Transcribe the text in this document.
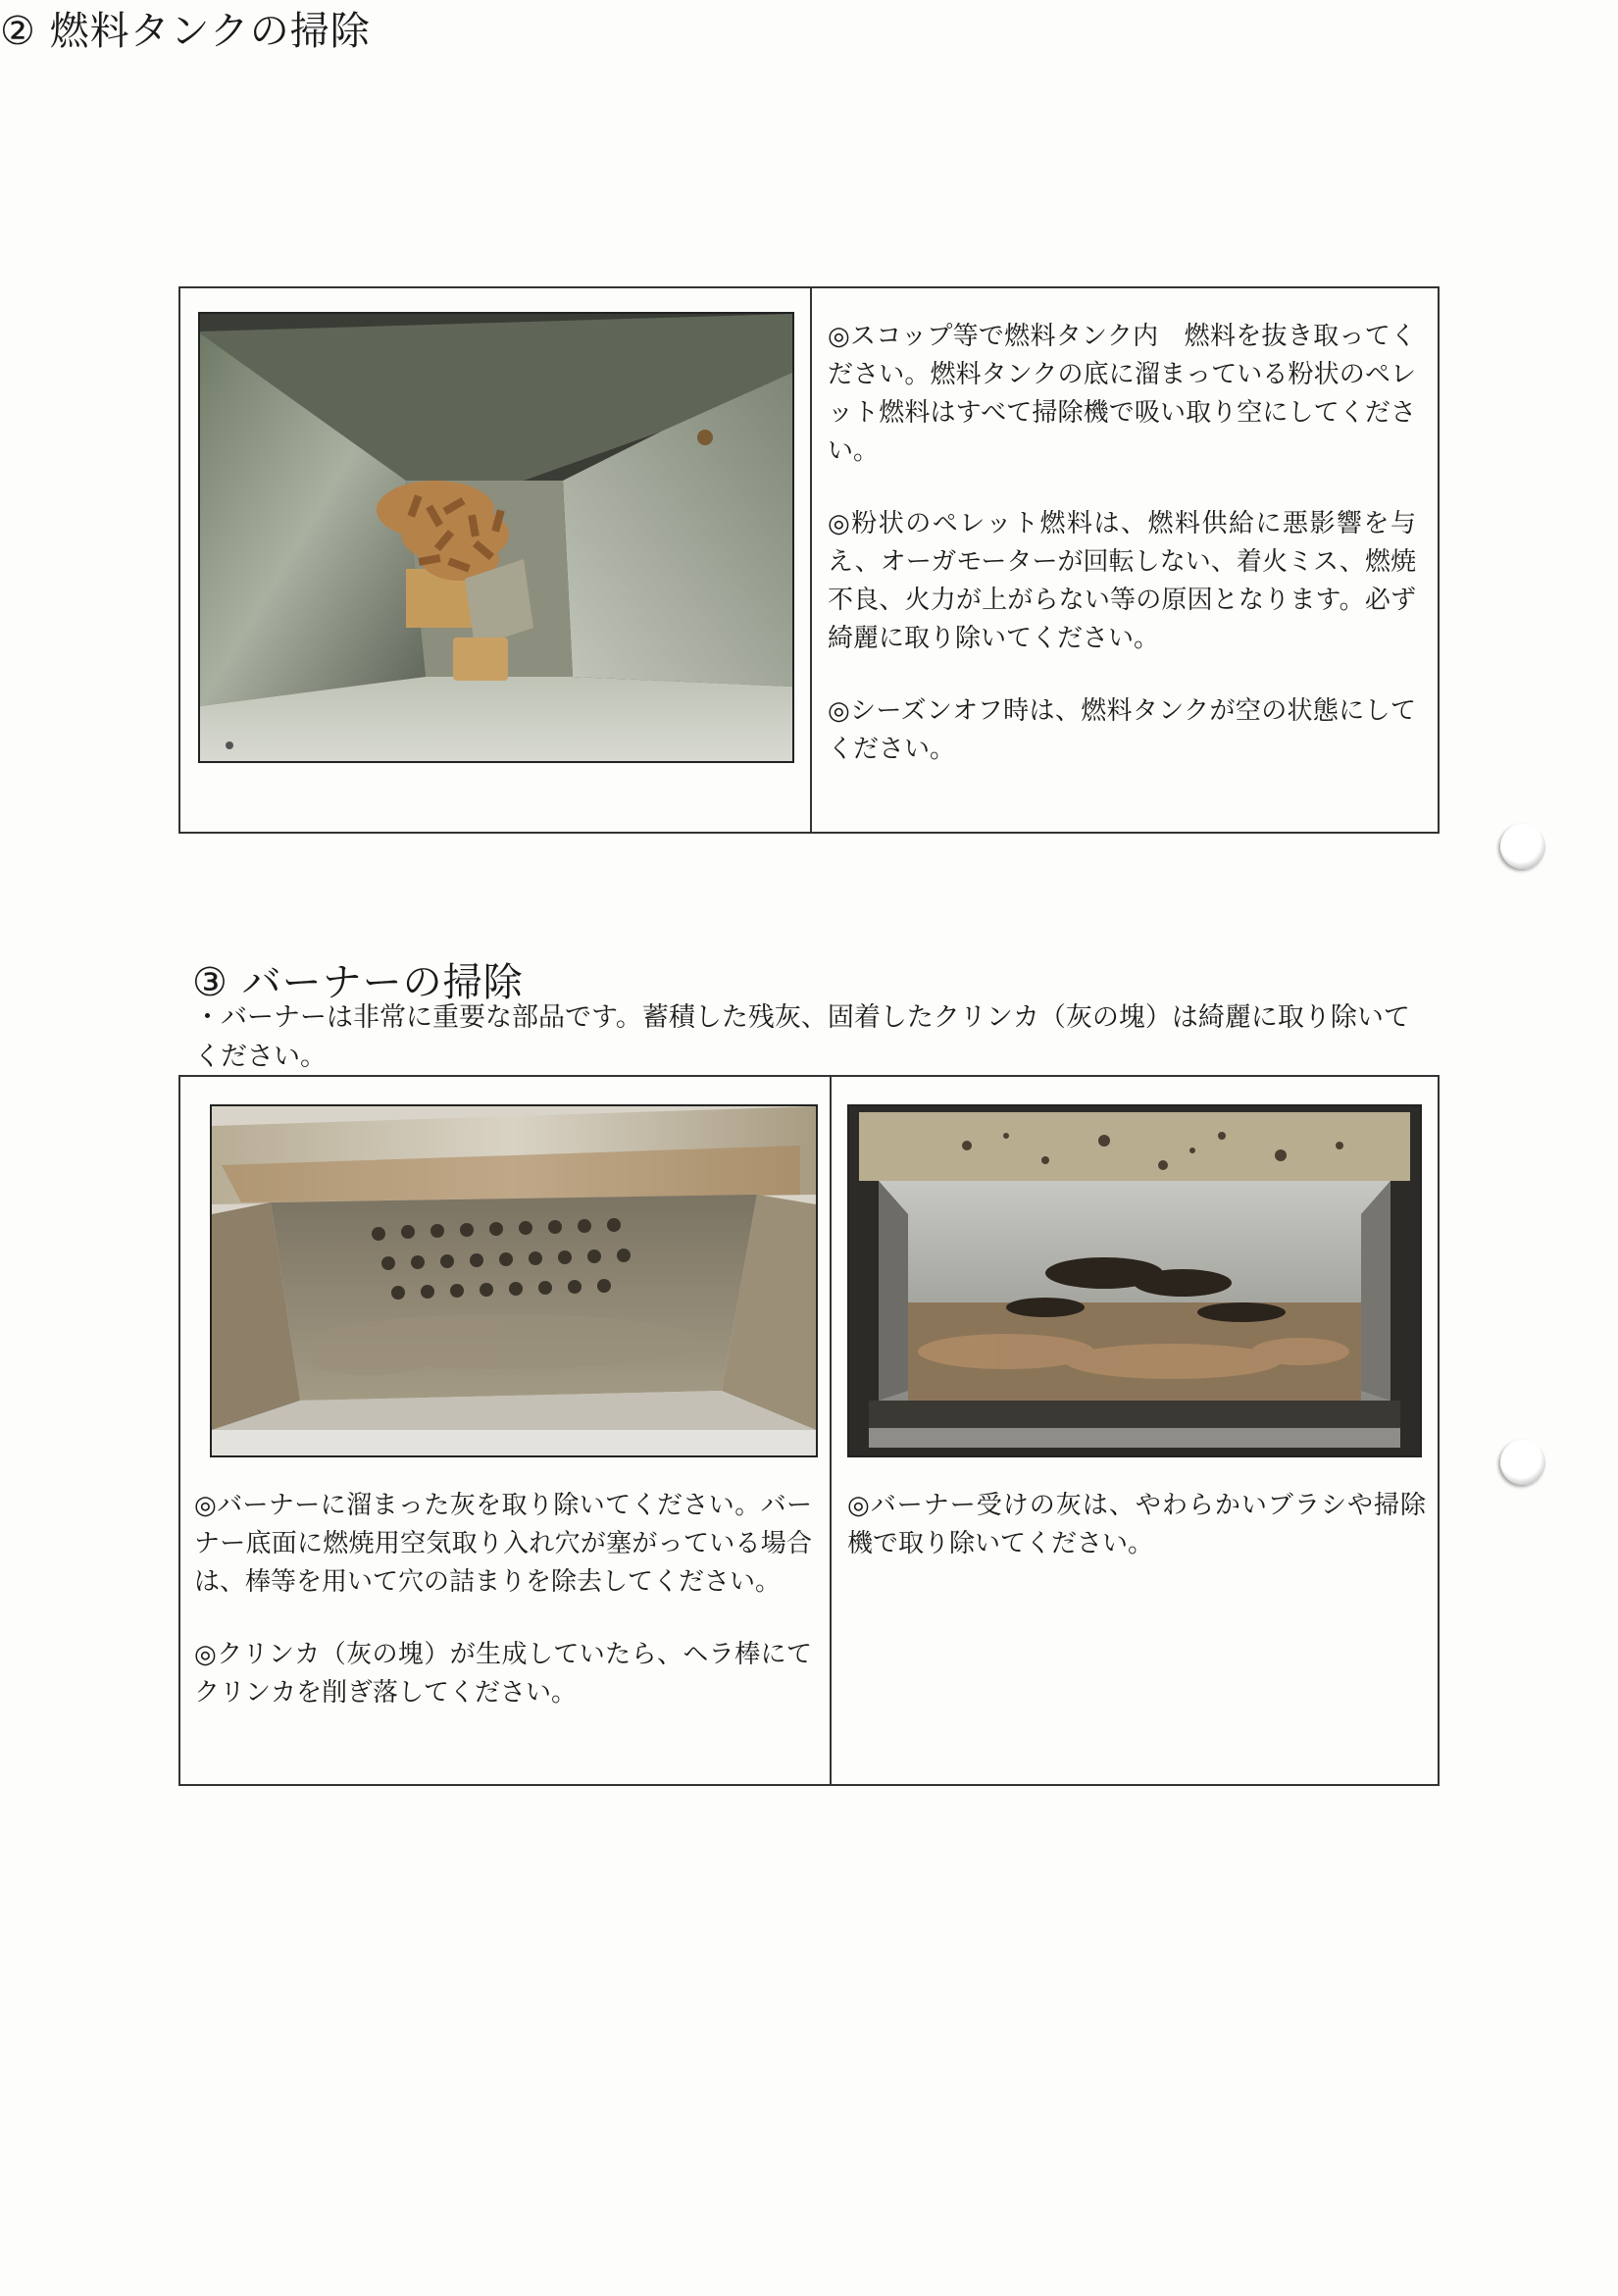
② 燃料タンクの掃除

◎スコップ等で燃料タンク内　燃料を抜き取ってください。燃料タンクの底に溜まっている粉状のペレット燃料はすべて掃除機で吸い取り空にしてください。

◎粉状のペレット燃料は、燃料供給に悪影響を与え、オーガモーターが回転しない、着火ミス、燃焼不良、火力が上がらない等の原因となります。必ず綺麗に取り除いてください。

◎シーズンオフ時は、燃料タンクが空の状態にしてください。

③ バーナーの掃除
・バーナーは非常に重要な部品です。蓄積した残灰、固着したクリンカ（灰の塊）は綺麗に取り除いてください。

◎バーナーに溜まった灰を取り除いてください。バーナー底面に燃焼用空気取り入れ穴が塞がっている場合は、棒等を用いて穴の詰まりを除去してください。

◎クリンカ（灰の塊）が生成していたら、ヘラ棒にてクリンカを削ぎ落してください。

◎バーナー受けの灰は、やわらかいブラシや掃除機で取り除いてください。
